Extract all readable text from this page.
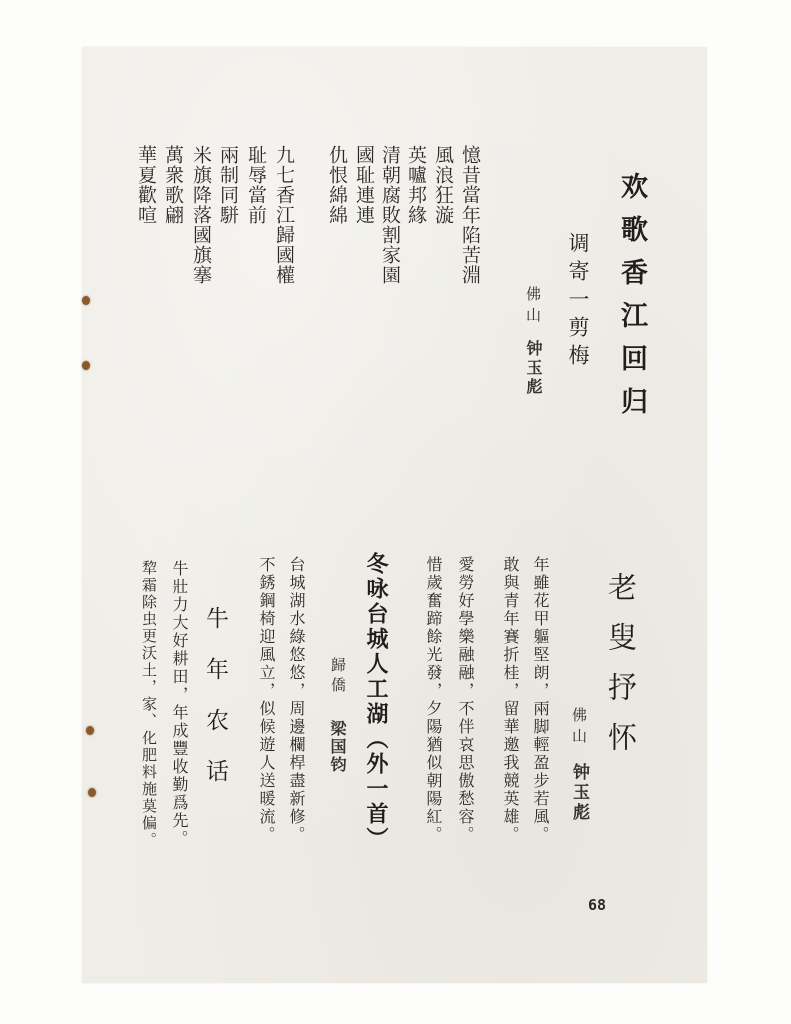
欢歌香江回归
调寄一剪梅
佛山
钟玉彪
憶昔當年陷苦淵
風浪狂漩
英嚧邦緣
清朝腐敗割家園
國耻連連
仇恨綿綿
九七香江歸國權
耻辱當前
兩制同駢
米旗降落國旗搴
萬衆歌翩
華夏歡喧
老叟抒怀
佛山
钟玉彪
年雖花甲軀堅朗，兩脚輕盈步若風。
敢與青年賽折桂，留華邀我競英雄。
愛勞好學樂融融，不伴哀思傲愁容。
惜歲奮蹄餘光發，夕陽猶似朝陽紅。
冬咏台城人工湖（外一首）
歸僑
梁国钧
台城湖水綠悠悠，周邊欄桿盡新修。
不銹鋼椅迎風立，似候遊人送暖流。
牛年农话
牛壯力大好耕田，年成豐收勤爲先。
犂霜除虫更沃土，家、化肥料施莫偏。
68
